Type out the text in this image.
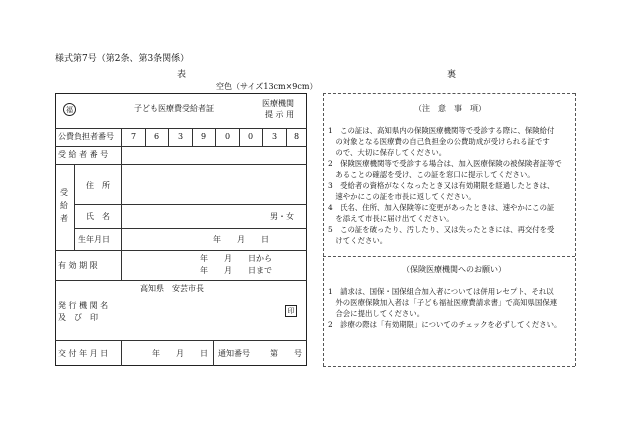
様式第7号（第2条、第3条関係）
表	裏
空色（サイズ13cm×9cm）
福	子ども医療費受給者証
医療機関
提 示 用
公費負担者番号 7 6 3 9 0 0 3 8
受 給 者 番 号
受
給
者
住　所
氏　名	男・女
生年月日	年　　月　　日
有 効 期 限
年　　月　　日から
年　　月　　日まで
高知県　安芸市長
発 行 機 関 名
及　び　印
印
交 付 年 月 日	年　　月　　日 通知番号	第　　号
（注　意　事　項）
1　この証は、高知県内の保険医療機関等で受診する際に、保険給付
　の対象となる医療費の自己負担金の公費助成が受けられる証です
　ので、大切に保存してください。
2　保険医療機関等で受診する場合は、加入医療保険の被保険者証等で
　あることの確認を受け、この証を窓口に提示してください。
3　受給者の資格がなくなったとき又は有効期限を経過したときは、
　速やかにこの証を市長に返してください。
4　氏名、住所、加入保険等に変更があったときは、速やかにこの証
　を添えて市長に届け出てください。
5　この証を破ったり、汚したり、又は失ったときには、再交付を受
　けてください。
（保険医療機関へのお願い）
1　請求は、国保・国保組合加入者については併用レセプト、それ以
　外の医療保険加入者は「子ども福祉医療費請求書」で高知県国保連
　合会に提出してください。
2　診療の際は「有効期限」についてのチェックを必ずしてください。
